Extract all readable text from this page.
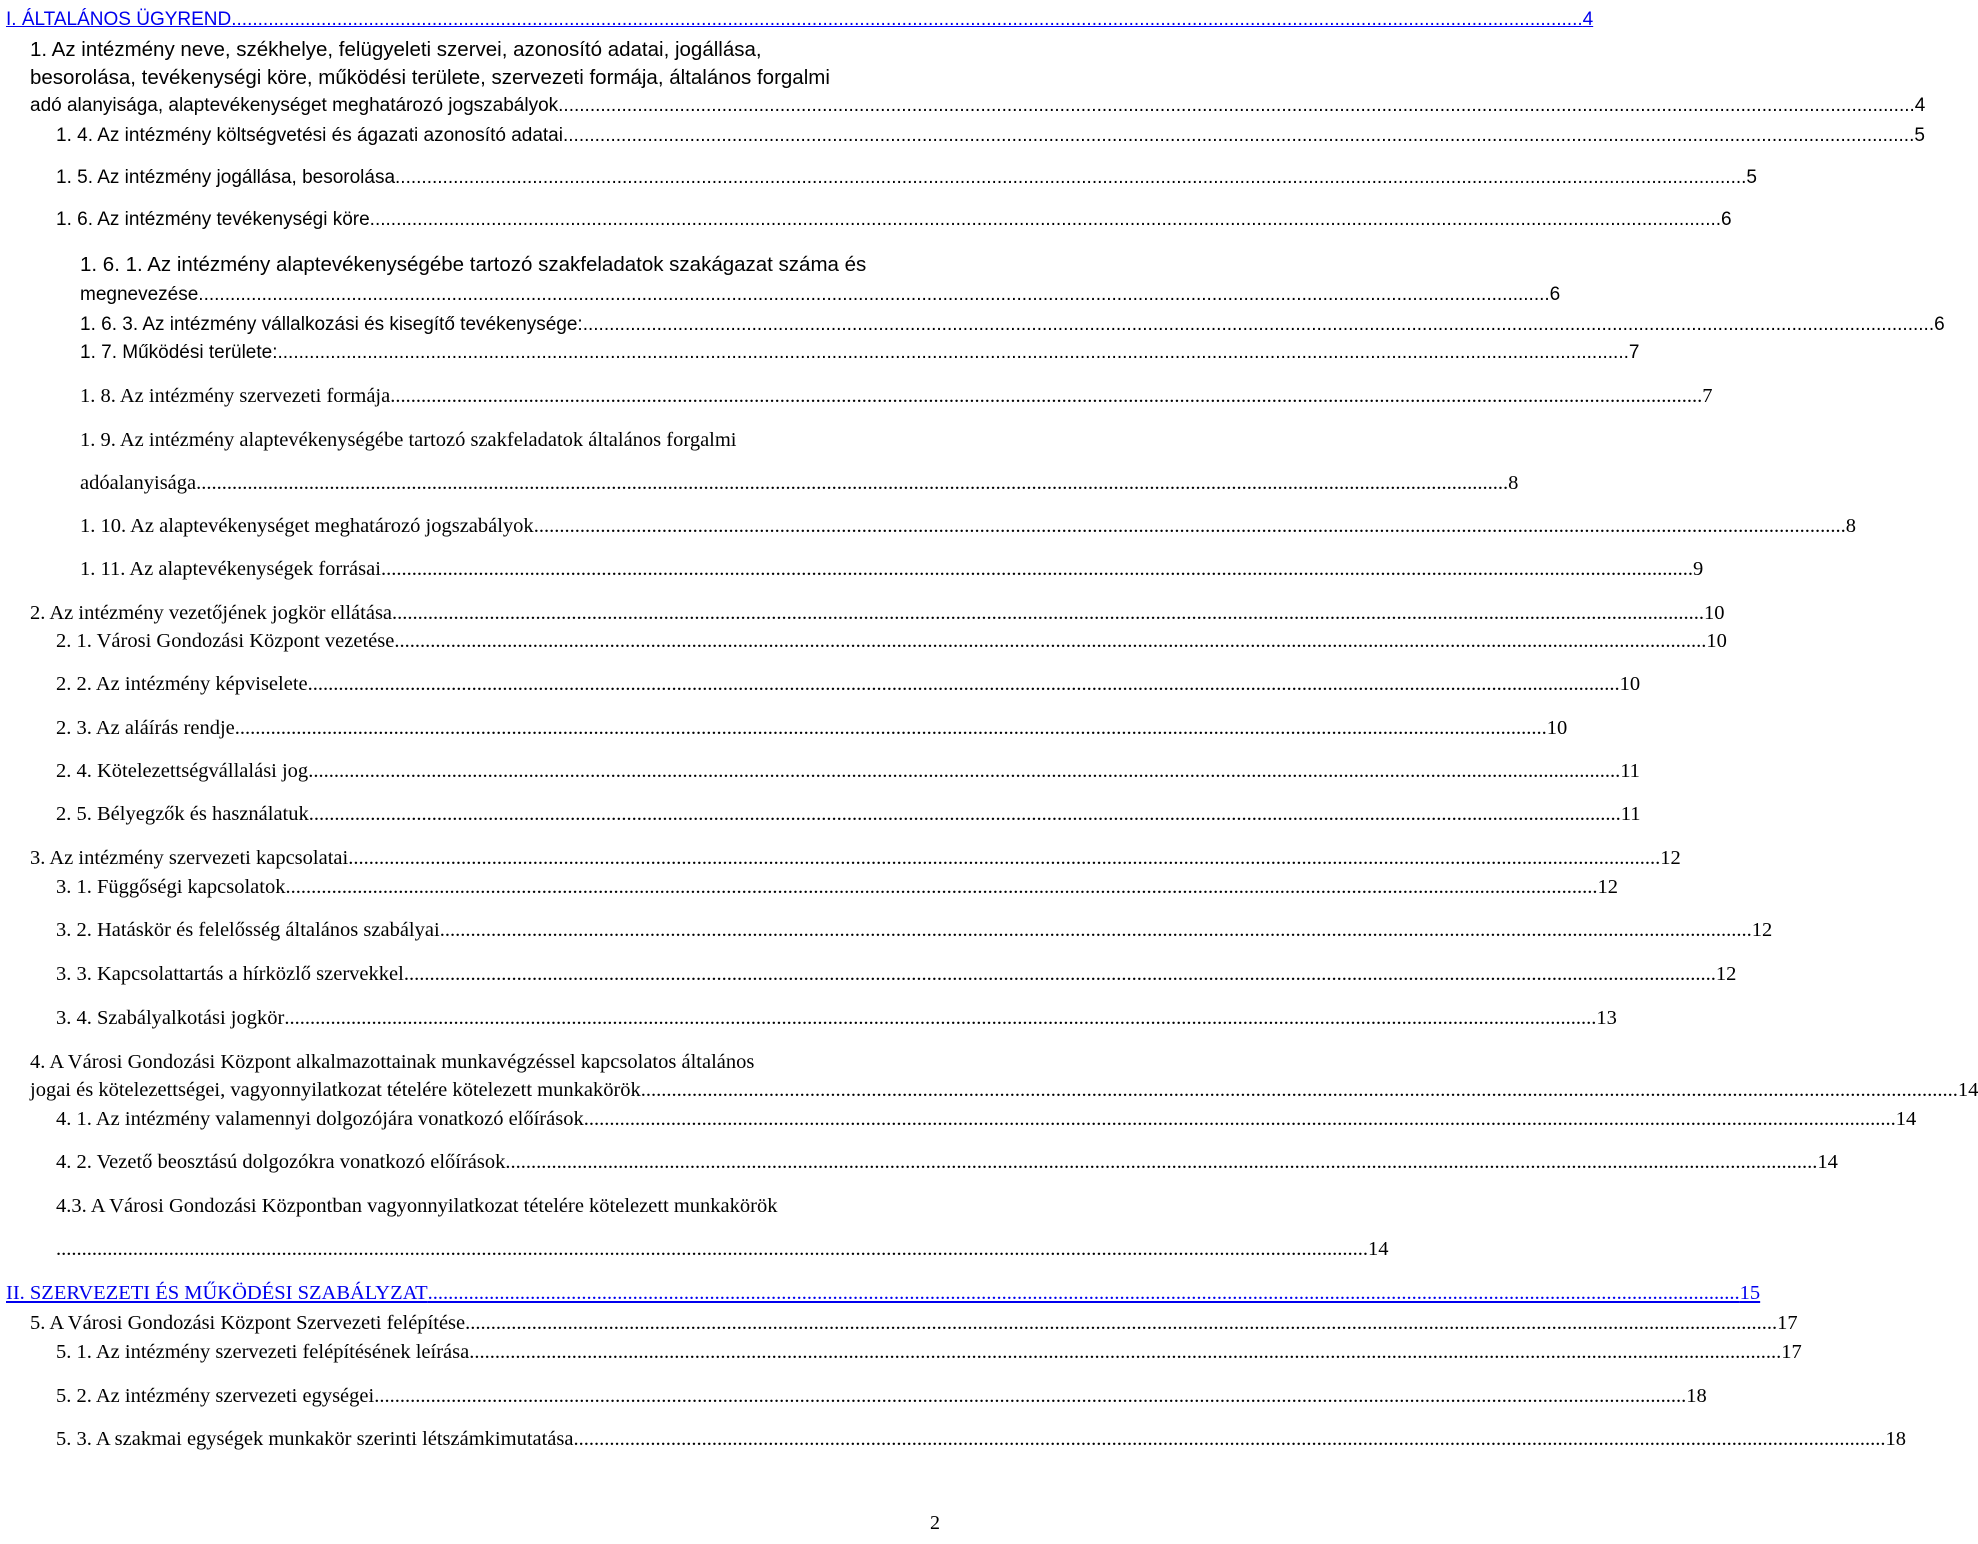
I. ÁLTALÁNOS ÜGYREND ................................................................................................................................................................................................................................................................ 4
1. Az intézmény neve, székhelye, felügyeleti szervei, azonosító adatai, jogállása,
besorolása, tevékenységi köre, működési területe, szervezeti formája, általános forgalmi
adó alanyisága, alaptevékenységet meghatározó jogszabályok. ................................................................................................................................................................................................................................................................ 4
1. 4. Az intézmény költségvetési és ágazati azonosító adatai ................................................................................................................................................................................................................................................................ 5
1. 5. Az intézmény jogállása, besorolása ................................................................................................................................................................................................................................................................ 5
1. 6. Az intézmény tevékenységi köre ................................................................................................................................................................................................................................................................ 6
1. 6. 1. Az intézmény alaptevékenységébe tartozó szakfeladatok szakágazat száma és
megnevezése ................................................................................................................................................................................................................................................................ 6
1. 6. 3. Az intézmény vállalkozási és kisegítő tevékenysége: ................................................................................................................................................................................................................................................................ 6
1. 7. Működési területe: ................................................................................................................................................................................................................................................................ 7
1. 8. Az intézmény szervezeti formája ................................................................................................................................................................................................................................................................ 7
1. 9. Az intézmény alaptevékenységébe tartozó szakfeladatok általános forgalmi
adóalanyisága ................................................................................................................................................................................................................................................................ 8
1. 10. Az alaptevékenységet meghatározó jogszabályok ................................................................................................................................................................................................................................................................ 8
1. 11. Az alaptevékenységek forrásai ................................................................................................................................................................................................................................................................ 9
2. Az intézmény vezetőjének jogkör ellátása ................................................................................................................................................................................................................................................................ 10
2. 1. Városi Gondozási Központ vezetése ................................................................................................................................................................................................................................................................ 10
2. 2. Az intézmény képviselete ................................................................................................................................................................................................................................................................ 10
2. 3. Az aláírás rendje ................................................................................................................................................................................................................................................................ 10
2. 4. Kötelezettségvállalási jog ................................................................................................................................................................................................................................................................ 11
2. 5. Bélyegzők és használatuk ................................................................................................................................................................................................................................................................ 11
3. Az intézmény szervezeti kapcsolatai ................................................................................................................................................................................................................................................................ 12
3. 1. Függőségi kapcsolatok ................................................................................................................................................................................................................................................................ 12
3. 2. Hatáskör és felelősség általános szabályai ................................................................................................................................................................................................................................................................ 12
3. 3. Kapcsolattartás a hírközlő szervekkel ................................................................................................................................................................................................................................................................ 12
3. 4. Szabályalkotási jogkör ................................................................................................................................................................................................................................................................ 13
4. A Városi Gondozási Központ alkalmazottainak munkavégzéssel kapcsolatos általános
jogai és kötelezettségei, vagyonnyilatkozat tételére kötelezett munkakörök. ................................................................................................................................................................................................................................................................ 14
4. 1. Az intézmény valamennyi dolgozójára vonatkozó előírások ................................................................................................................................................................................................................................................................ 14
4. 2. Vezető beosztású dolgozókra vonatkozó előírások ................................................................................................................................................................................................................................................................ 14
4.3. A Városi Gondozási Központban vagyonnyilatkozat tételére kötelezett munkakörök
................................................................................................................................................................................................................................................................ 14
II. SZERVEZETI ÉS MŰKÖDÉSI SZABÁLYZAT ................................................................................................................................................................................................................................................................ 15
5. A Városi Gondozási Központ Szervezeti felépítése ................................................................................................................................................................................................................................................................ 17
5. 1. Az intézmény szervezeti felépítésének leírása ................................................................................................................................................................................................................................................................ 17
5. 2. Az intézmény szervezeti egységei ................................................................................................................................................................................................................................................................ 18
5. 3. A szakmai egységek munkakör szerinti létszámkimutatása ................................................................................................................................................................................................................................................................ 18
2
